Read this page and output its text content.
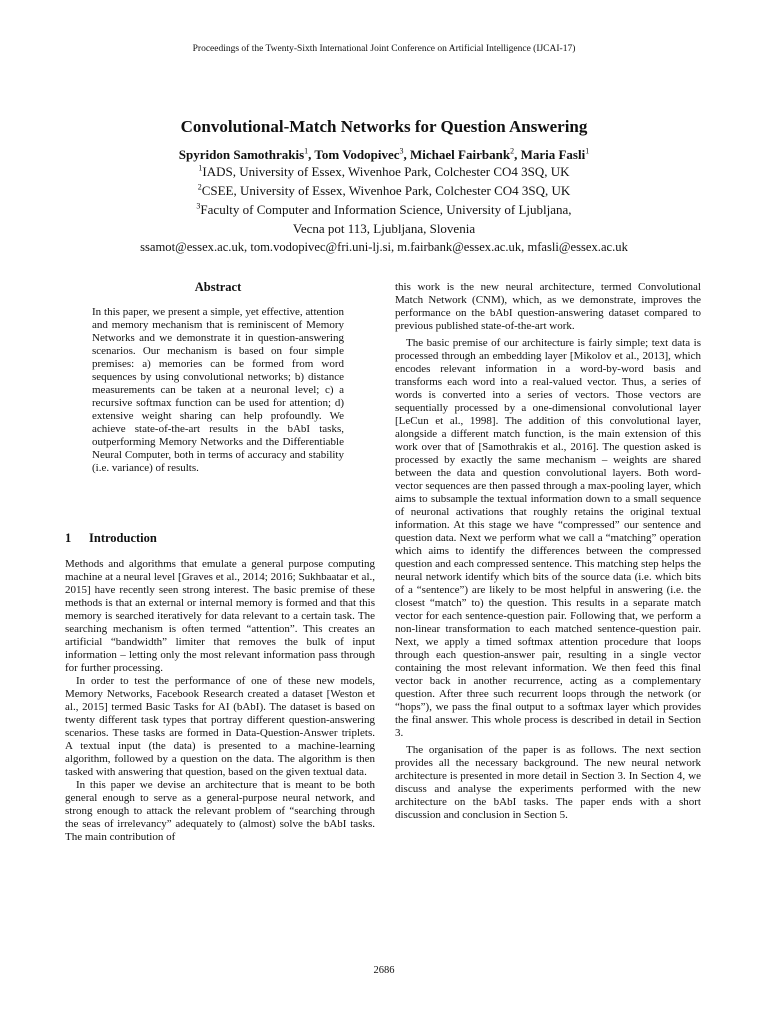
Proceedings of the Twenty-Sixth International Joint Conference on Artificial Intelligence (IJCAI-17)
Convolutional-Match Networks for Question Answering
Spyridon Samothrakis$^1$, Tom Vodopivec$^3$, Michael Fairbank$^2$, Maria Fasli$^1$
$^1$IADS, University of Essex, Wivenhoe Park, Colchester CO4 3SQ, UK
$^2$CSEE, University of Essex, Wivenhoe Park, Colchester CO4 3SQ, UK
$^3$Faculty of Computer and Information Science, University of Ljubljana,
Vecna pot 113, Ljubljana, Slovenia
ssamot@essex.ac.uk, tom.vodopivec@fri.uni-lj.si, m.fairbank@essex.ac.uk, mfasli@essex.ac.uk
Abstract

In this paper, we present a simple, yet effective, attention and memory mechanism that is reminiscent of Memory Networks and we demonstrate it in question-answering scenarios. Our mechanism is based on four simple premises: a) memories can be formed from word sequences by using convolutional networks; b) distance measurements can be taken at a neuronal level; c) a recursive softmax function can be used for attention; d) extensive weight sharing can help profoundly. We achieve state-of-the-art results in the bAbI tasks, outperforming Memory Networks and the Differentiable Neural Computer, both in terms of accuracy and stability (i.e. variance) of results.

1 Introduction

Methods and algorithms that emulate a general purpose computing machine at a neural level [Graves et al., 2014; 2016; Sukhbaatar et al., 2015] have recently seen strong interest. The basic premise of these methods is that an external or internal memory is formed and that this memory is searched iteratively for data relevant to a certain task. The searching mechanism is often termed “attention”. This creates an artificial “bandwidth” limiter that removes the bulk of input information – letting only the most relevant information pass through for further processing.

In order to test the performance of one of these new models, Memory Networks, Facebook Research created a dataset [Weston et al., 2015] termed Basic Tasks for AI (bAbI). The dataset is based on twenty different task types that portray different question-answering scenarios. These tasks are formed in Data-Question-Answer triplets. A textual input (the data) is presented to a machine-learning algorithm, followed by a question on the data. The algorithm is then tasked with answering that question, based on the given textual data.

In this paper we devise an architecture that is meant to be both general enough to serve as a general-purpose neural network, and strong enough to attack the relevant problem of “searching through the seas of irrelevancy” adequately to (almost) solve the bAbI tasks. The main contribution of

this work is the new neural architecture, termed Convolutional Match Network (CNM), which, as we demonstrate, improves the performance on the bAbI question-answering dataset compared to previous published state-of-the-art work.

The basic premise of our architecture is fairly simple; text data is processed through an embedding layer [Mikolov et al., 2013], which encodes relevant information in a word-by-word basis and transforms each word into a real-valued vector. Thus, a series of words is converted into a series of vectors. Those vectors are sequentially processed by a one-dimensional convolutional layer [LeCun et al., 1998]. The addition of this convolutional layer, alongside a different match function, is the main extension of this work over that of [Samothrakis et al., 2016]. The question asked is processed by exactly the same mechanism – weights are shared between the data and question convolutional layers. Both word-vector sequences are then passed through a max-pooling layer, which aims to subsample the textual information down to a small sequence of neuronal activations that roughly retains the original textual information. At this stage we have “compressed” our sentence and question data. Next we perform what we call a “matching” operation which aims to identify the differences between the compressed question and each compressed sentence. This matching step helps the neural network identify which bits of the source data (i.e. which bits of a “sentence”) are likely to be most helpful in answering (i.e. the closest “match” to) the question. This results in a separate match vector for each sentence-question pair. Following that, we perform a non-linear transformation to each matched sentence-question pair. Next, we apply a timed softmax attention procedure that loops through each question-answer pair, resulting in a single vector containing the most relevant information. We then feed this final vector back in another recurrence, acting as a complementary question. After three such recurrent loops through the network (or “hops”), we pass the final output to a softmax layer which provides the final answer. This whole process is described in detail in Section 3.

The organisation of the paper is as follows. The next section provides all the necessary background. The new neural network architecture is presented in more detail in Section 3. In Section 4, we discuss and analyse the experiments performed with the new architecture on the bAbI tasks. The paper ends with a short discussion and conclusion in Section 5.

2686
